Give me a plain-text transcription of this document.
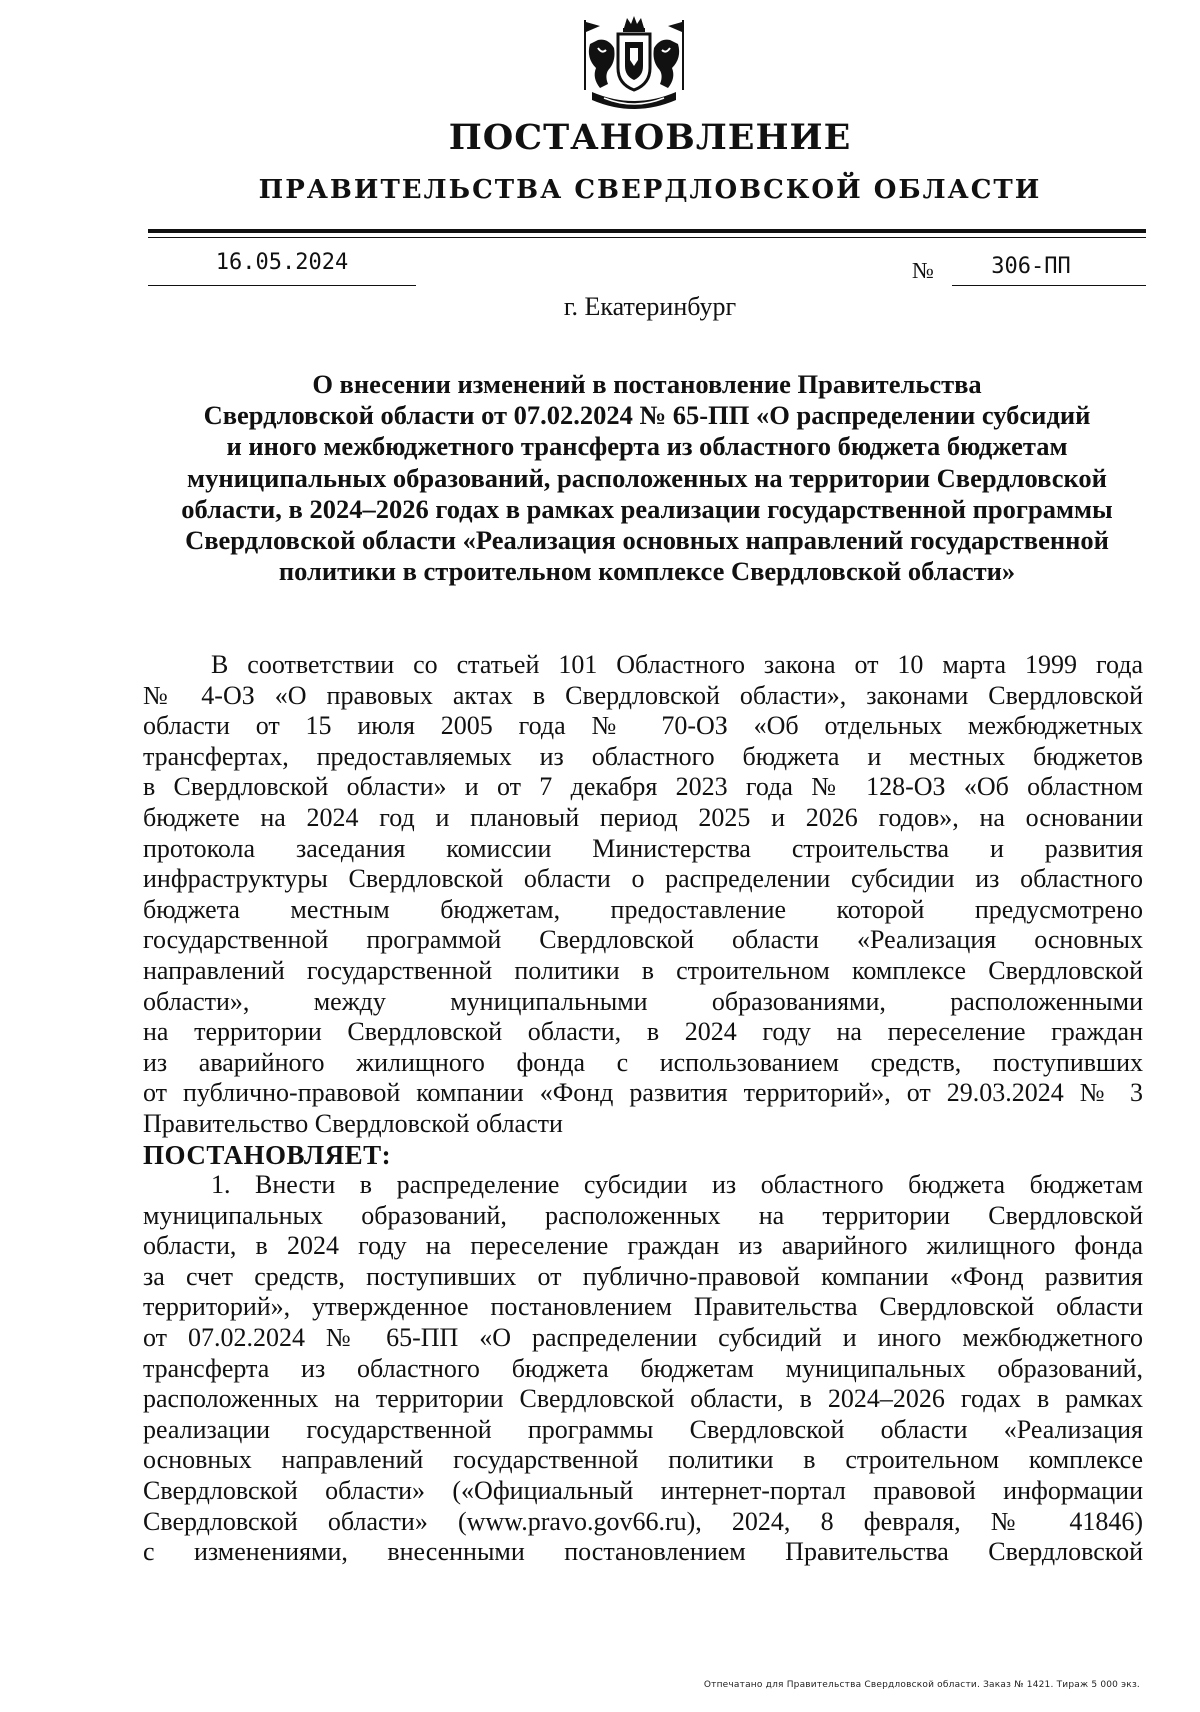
ПОСТАНОВЛЕНИЕ
ПРАВИТЕЛЬСТВА СВЕРДЛОВСКОЙ ОБЛАСТИ
16.05.2024	№	306-ПП
г. Екатеринбург
О внесении изменений в постановление Правительства
Свердловской области от 07.02.2024 № 65-ПП «О распределении субсидий
и иного межбюджетного трансферта из областного бюджета бюджетам
муниципальных образований, расположенных на территории Свердловской
области, в 2024–2026 годах в рамках реализации государственной программы
Свердловской области «Реализация основных направлений государственной
политики в строительном комплексе Свердловской области»
В соответствии со статьей 101 Областного закона от 10 марта 1999 года
№ 4-ОЗ «О правовых актах в Свердловской области», законами Свердловской
области от 15 июля 2005 года № 70-ОЗ «Об отдельных межбюджетных
трансфертах, предоставляемых из областного бюджета и местных бюджетов
в Свердловской области» и от 7 декабря 2023 года № 128-ОЗ «Об областном
бюджете на 2024 год и плановый период 2025 и 2026 годов», на основании
протокола заседания комиссии Министерства строительства и развития
инфраструктуры Свердловской области о распределении субсидии из областного
бюджета местным бюджетам, предоставление которой предусмотрено
государственной программой Свердловской области «Реализация основных
направлений государственной политики в строительном комплексе Свердловской
области», между муниципальными образованиями, расположенными
на территории Свердловской области, в 2024 году на переселение граждан
из аварийного жилищного фонда с использованием средств, поступивших
от публично-правовой компании «Фонд развития территорий», от 29.03.2024 № 3
Правительство Свердловской области
ПОСТАНОВЛЯЕТ:
1. Внести в распределение субсидии из областного бюджета бюджетам
муниципальных образований, расположенных на территории Свердловской
области, в 2024 году на переселение граждан из аварийного жилищного фонда
за счет средств, поступивших от публично-правовой компании «Фонд развития
территорий», утвержденное постановлением Правительства Свердловской области
от 07.02.2024 № 65-ПП «О распределении субсидий и иного межбюджетного
трансферта из областного бюджета бюджетам муниципальных образований,
расположенных на территории Свердловской области, в 2024–2026 годах в рамках
реализации государственной программы Свердловской области «Реализация
основных направлений государственной политики в строительном комплексе
Свердловской области» («Официальный интернет-портал правовой информации
Свердловской области» (www.pravo.gov66.ru), 2024, 8 февраля, № 41846)
с изменениями, внесенными постановлением Правительства Свердловской
Отпечатано для Правительства Свердловской области. Заказ № 1421. Тираж 5 000 экз.
